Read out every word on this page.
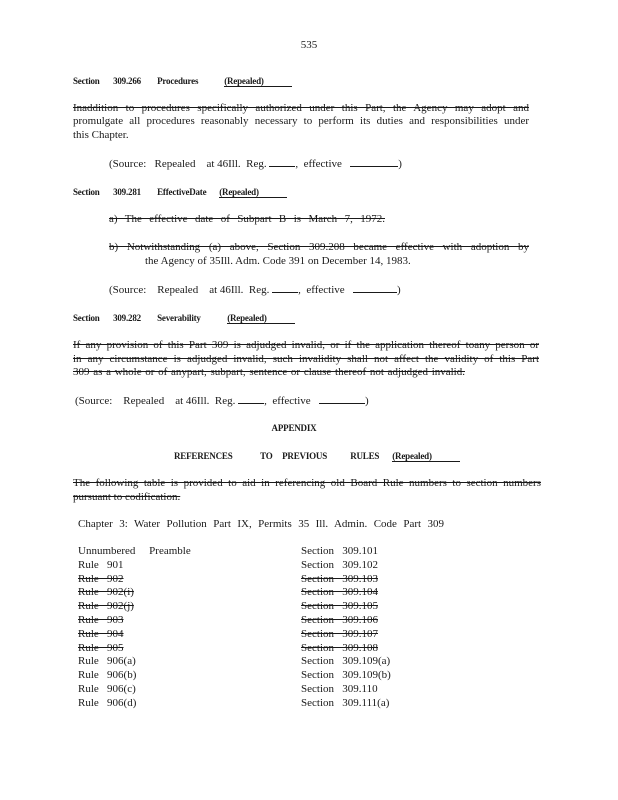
535
Section 309.266 Procedures	(Repealed)
Inaddition to procedures specifically authorized under this Part, the Agency may adopt and
promulgate all procedures reasonably necessary to perform its duties and responsibilities under
this Chapter.
(Source: Repealed at 46Ill. Reg.	,  effective	)
Section 309.281 Effective Date (Repealed)
a) The effective date of Subpart B is March 7, 1972.
b) Notwithstanding (a) above, Section 309.208 became effective with adoption by
the Agency of 35Ill. Adm. Code 391 on December 14, 1983.
(Source: Repealed at 46Ill. Reg.	,  effective	)
Section 309.282 Severability	(Repealed)
If any provision of this Part 309 is adjudged invalid, or if the application thereof toany person or
in any circumstance is adjudged invalid, such invalidity shall not affect the validity of this Part
309 as a whole or of anypart, subpart, sentence or clause thereof not adjudged invalid.
(Source: Repealed at 46Ill. Reg.	,  effective	)
APPENDIX
REFERENCES	TO PREVIOUS	RULES (Repealed)
The following table is provided to aid in referencing old Board Rule numbers to section numbers
pursuant to codification.
Chapter 3: Water Pollution Part IX, Permits 35 Ill. Admin. Code Part 309
Unnumbered     Preamble	Section   309.101
Rule   901	Section   309.102
Rule   902	Section   309.103
Rule   902(i)	Section   309.104
Rule   902(j)	Section   309.105
Rule   903	Section   309.106
Rule   904	Section   309.107
Rule   905	Section   309.108
Rule   906(a)	Section   309.109(a)
Rule   906(b)	Section   309.109(b)
Rule   906(c)	Section   309.110
Rule   906(d)	Section   309.111(a)
